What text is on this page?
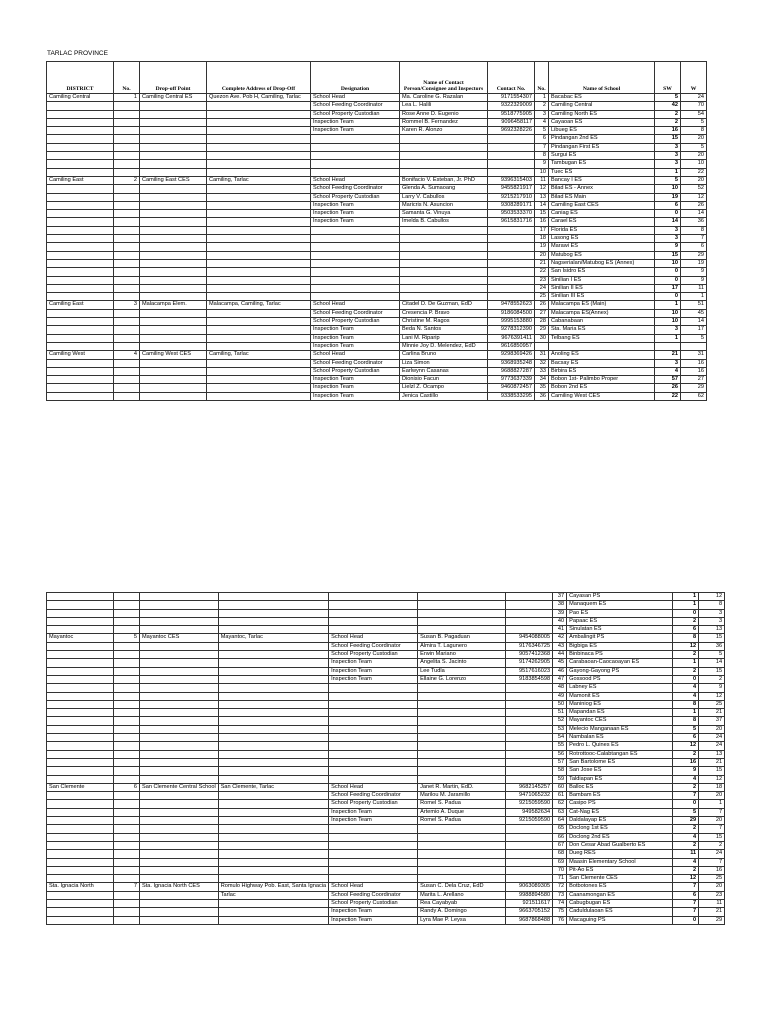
TARLAC PROVINCE
DISTRICT	No.	Drop-off Point	Complete Address of Drop-Off	Designation	Name of Contact Person/Consignee and Inspectors	Contact No.	No.	Name of School	SW	W
Camiling Central	1	Camiling Central ES	Quezon Ave. Pob H, Camiling, Tarlac	School Head	Ma. Caroline G. Razalan	9171554307	1	Bacabac ES	5	24
				School Feeding Coordinator	Lea L. Halili	9322329009	2	Camiling Central	42	70
				School Property Custodian	Rose Anne D. Eugenio	9518775905	3	Camiling North ES	2	54
				Inspection Team	Rommel B. Fernandez	9096458117	4	Cayaoan ES	2	5
				Inspection Team	Karen R. Alonzo	9692328226	5	Libueg ES	16	8
							6	Pindangan 2nd ES	15	20
							7	Pindangan First ES	3	5
							8	Surgui ES	3	20
							9	Tambugan ES	3	10
							10	Tuec ES	1	22
Camiling East	2	Camiling East CES	Camiling, Tarlac	School Head	Bonifacio V. Esteban, Jr. PhD	9396315403	11	Bancay I ES	5	20
				School Feeding Coordinator	Glenda A. Sumaoang	9455821917	12	Bilad ES - Annex	10	52
				School Property Custodian	Larry V. Cabullos	9215217910	13	Bilad ES Main	19	12
				Inspection Team	Maricris N. Asuncion	9308289171	14	Camiling East CES	6	26
				Inspection Team	Samanta G. Vinuya	9503533370	15	Caniag ES	0	14
				Inspection Team	Imelda B. Cabullos	9615831716	16	Carael ES	14	36
							17	Florida ES	3	8
							18	Lasong ES	3	7
							19	Marawi ES	9	6
							20	Matubog ES	15	29
							21	Nagserialan/Matubog ES (Annex)	10	19
							22	San Isidro ES	0	9
							23	Sinilian I ES	0	9
							24	Sinilian II ES	17	11
							25	Sinilian III ES	0	1
Camiling East	3	Malacampa Elem.	Malacampa, Camiling, Tarlac	School Head	Citadel D. De Guzman, EdD	9478552623	26	Malacampa ES (Main)	1	51
				School Feeding Coordinator	Cresencia P. Bravo	9186084500	27	Malacampa ES(Annex)	10	45
				School Property Custodian	Christine M. Ragos	9995153880	28	Cabanabaan	10	14
				Inspection Team	Beda N. Santos	9278312390	29	Sta. Maria ES	3	17
				Inspection Team	Lani M. Riparip	9676391411	30	Telbang ES	1	5
				Inspection Team	Minnie Joy D. Melendez, EdD	9616850957				
Camiling West	4	Camiling West CES	Camiling, Tarlac	School Head	Carlina Bruno	9298369426	31	Anoling ES	21	31
				School Feeding Coordinator	Liza Simon	9368935248	32	Bacsay ES	3	16
				School Property Custodian	Earlwynn Casanas	9688827287	33	Birbira ES	4	16
				Inspection Team	Dionisio Facun	9773637339	34	Bobon 1st- Palimbo Proper	57	27
				Inspection Team	Lielzl Z. Ocampo	9460872457	35	Bobon 2nd ES	26	29
				Inspection Team	Jenica Castillo	9338533295	36	Camiling West CES	22	62
							37	Cayasan PS	1	12
							38	Manaquem ES	1	8
							39	Pao ES	0	3
							40	Papaac ES	2	3
							41	Sinulatan ES	6	13
Mayantoc	5	Mayantoc CES	Mayantoc, Tarlac	School Head	Susan B. Pagaduan	9454088005	42	Ambalingit PS	8	15
				School Feeding Coordinator	Almira T. Lagunero	9176346725	43	Bigbiga ES	12	36
				School Property Custodian	Erwin Mariano	9057412368	44	Binbinaca PS	2	5
				Inspection Team	Angelita S. Jacinto	9174262905	45	Carabaoan-Caocaoayan ES	1	14
				Inspection Team	Lee Tudla	9517616023	46	Gayong-Gayong PS	2	15
				Inspection Team	Ellaine G. Lorenzo	9183854598	47	Gossood PS	0	2
							48	Labney ES	4	9
							49	Mamonit ES	4	12
							50	Maniniog ES	8	25
							51	Mapandan ES	1	21
							52	Mayantoc CES	8	37
							53	Melecio Manganaan ES	5	20
							54	Nambalan ES	6	24
							55	Pedro L. Quines ES	12	24
							56	Rotrottooc-Calabtangan ES	2	13
							57	San Bartolome ES	16	21
							58	San Jose ES	9	15
							59	Taldiapan ES	4	12
San Clemente	6	San Clemente Central School	San Clemente, Tarlac	School Head	Janet R. Martin, EdD.	9682145257	60	Balloc ES	2	18
				School Feeding Coordinator	Marilou M. Jaramillo	9471065232	61	Bambam ES	7	20
				School Property Custodian	Romel S. Padua	9215059590	62	Casipo PS	0	1
				Inspection Team	Artemio A. Duque	949582634	63	Cat-Nag ES	5	7
				Inspection Team	Romel S. Padua	9215059590	64	Daldalayap ES	29	20
							65	Doclong 1st ES	2	7
							66	Doclong 2nd ES	4	15
							67	Don Cesar Abad Gualberto ES	2	2
							68	Dueg RES	11	24
							69	Maasin Elementary School	4	7
							70	Pit-Ao ES	2	16
							71	San Clemente CES	12	25
Sta. Ignacia North	7	Sta. Ignacia North CES	Romulo Highway Pob. East, Santa Ignacia	School Head	Susan C. Dela Cruz, EdD	9063089305	72	Botbotones ES	7	20
			Tarlac	School Feeding Coordinator	Marita L. Arellano	9988894580	73	Caanamongan ES	6	23
				School Property Custodian	Rea Cayabyab	921511617	74	Cabugbugan ES	7	11
				Inspection Team	Randy A. Domingo	9663705152	75	Caduldulaoan ES	7	21
				Inspection Team	Lyra Mae P. Leysa	9687868488	76	Macaguing PS	0	29
